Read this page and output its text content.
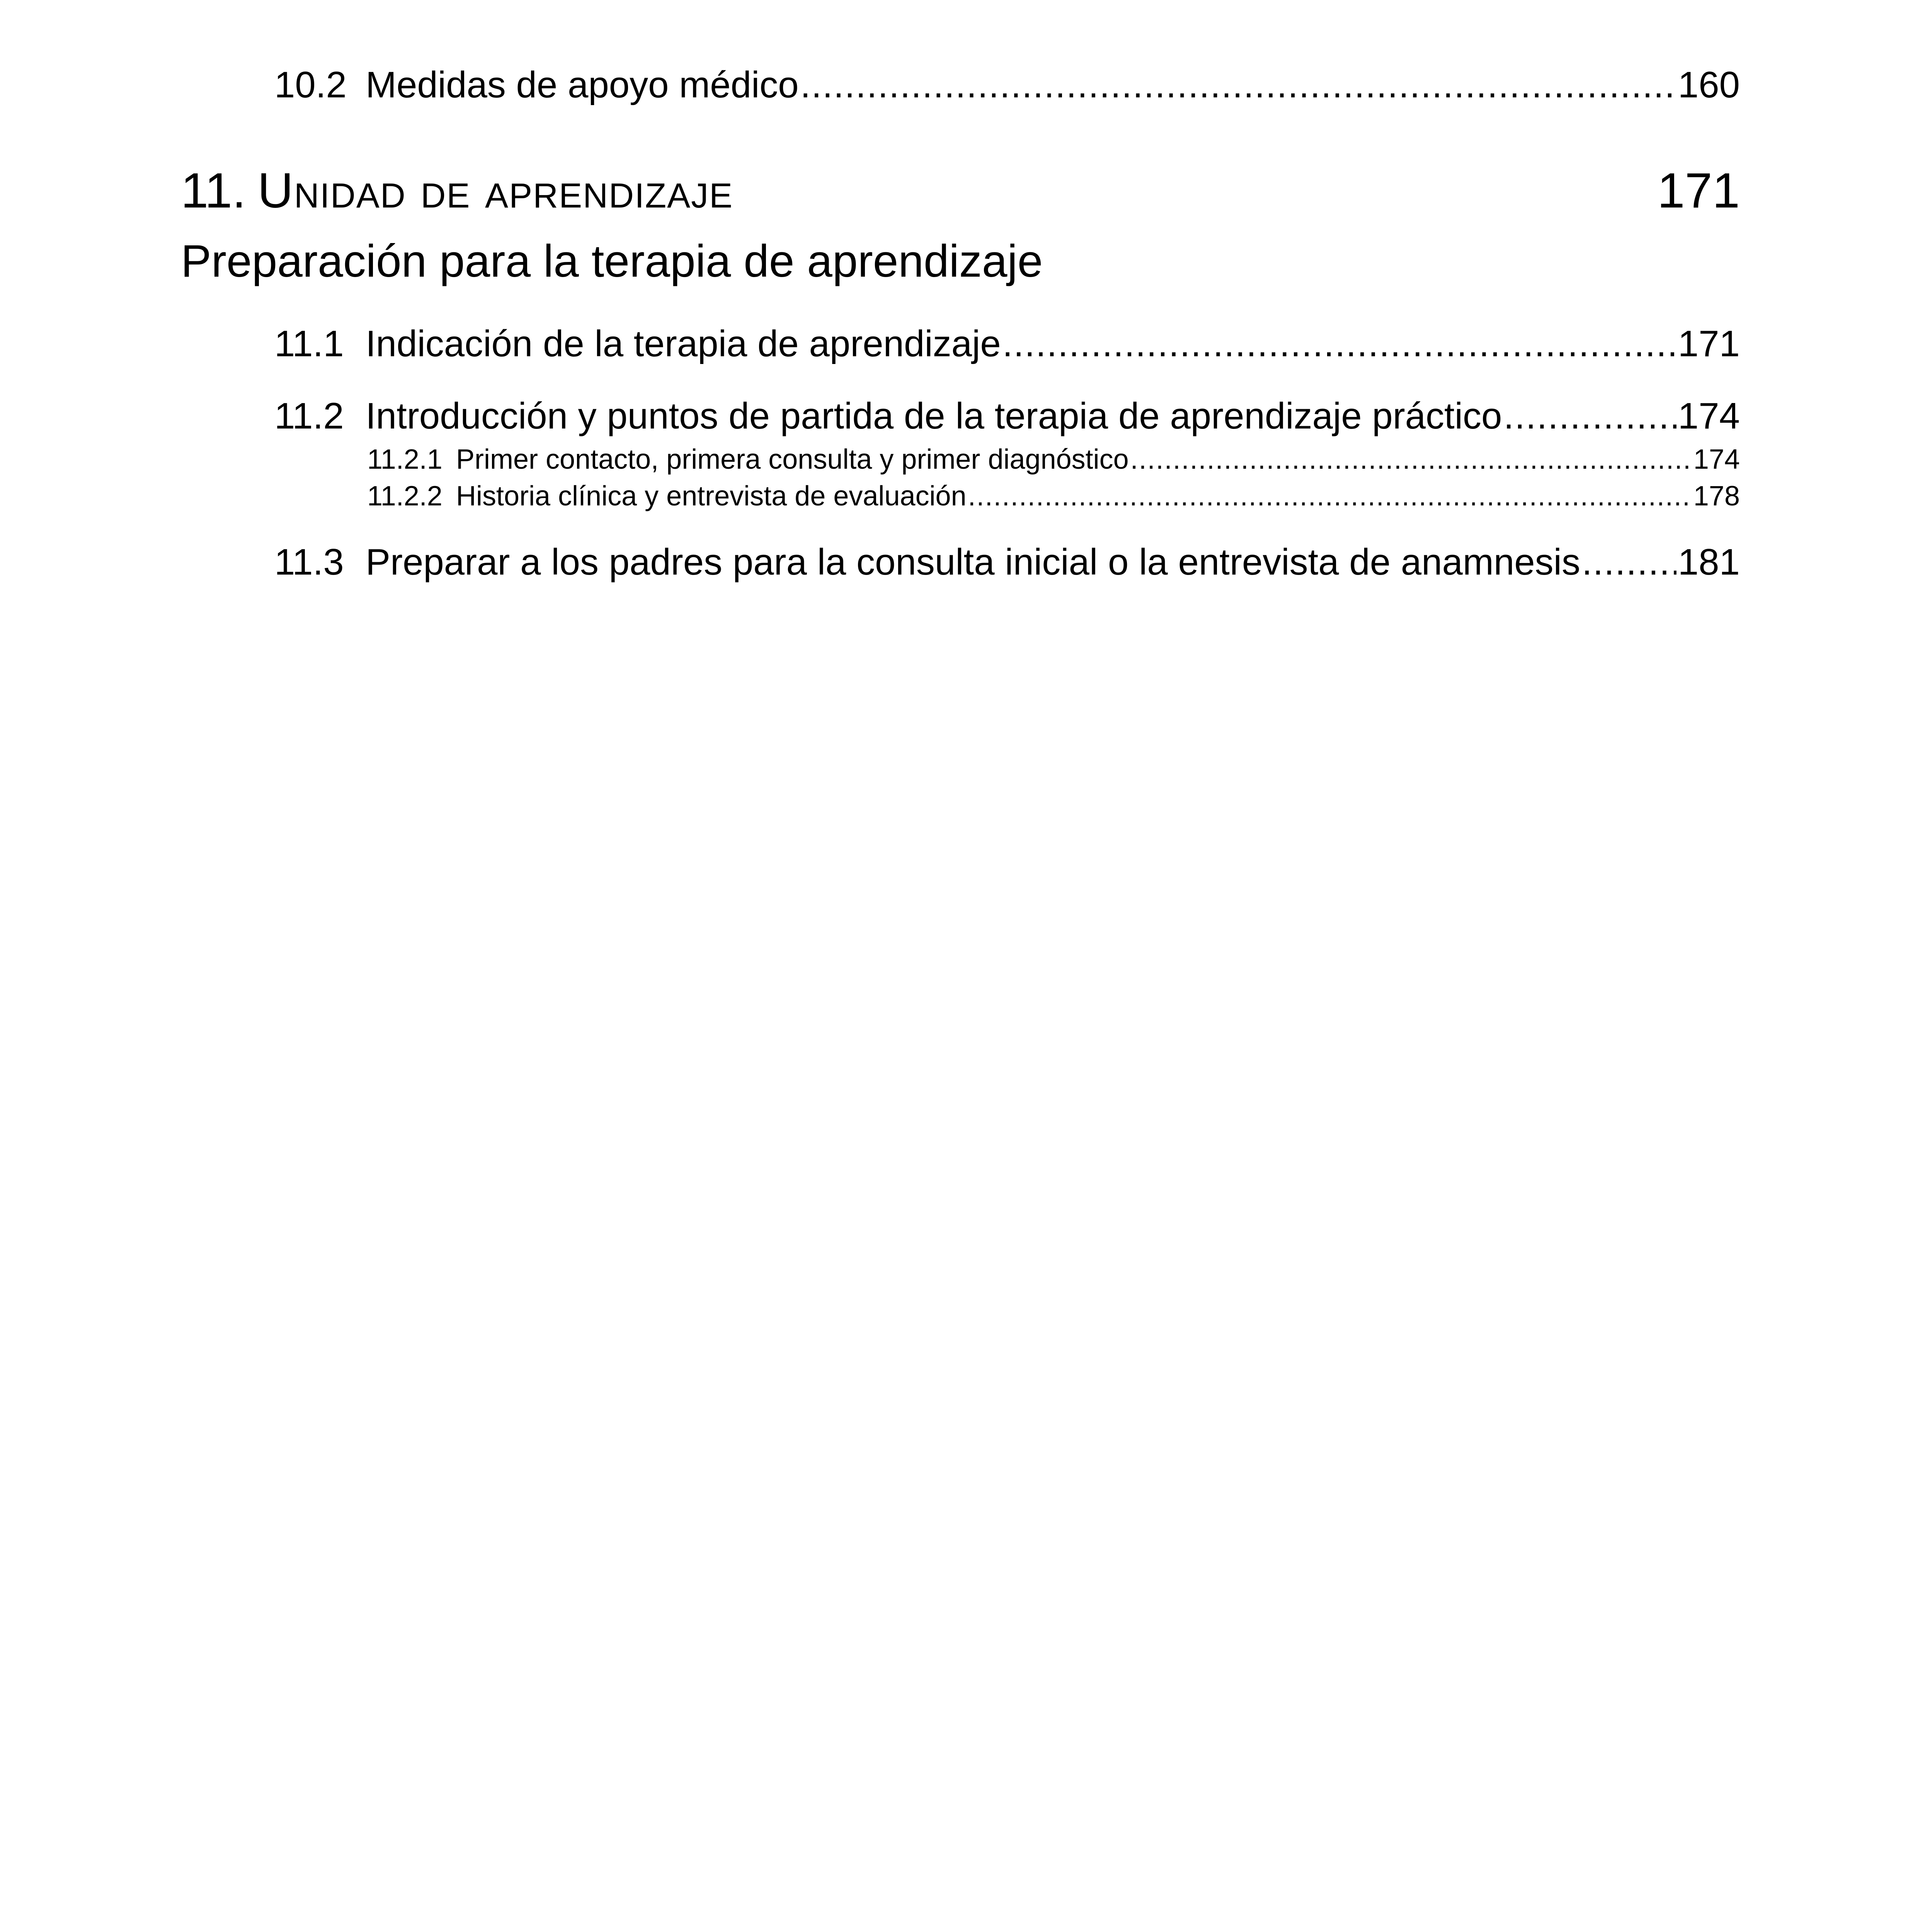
10.2 Medidas de apoyo médico .....	160
11. Unidad de aprendizaje	171
Preparación para la terapia de aprendizaje
11.1 Indicación de la terapia de aprendizaje .....	171
11.2 Introducción y puntos de partida de la terapia de aprendizaje práctico .....	174
11.2.1 Primer contacto, primera consulta y primer diagnóstico .....	174
11.2.2 Historia clínica y entrevista de evaluación .....	178
11.3 Preparar a los padres para la consulta inicial o la entrevista de anamnesis .....	181
